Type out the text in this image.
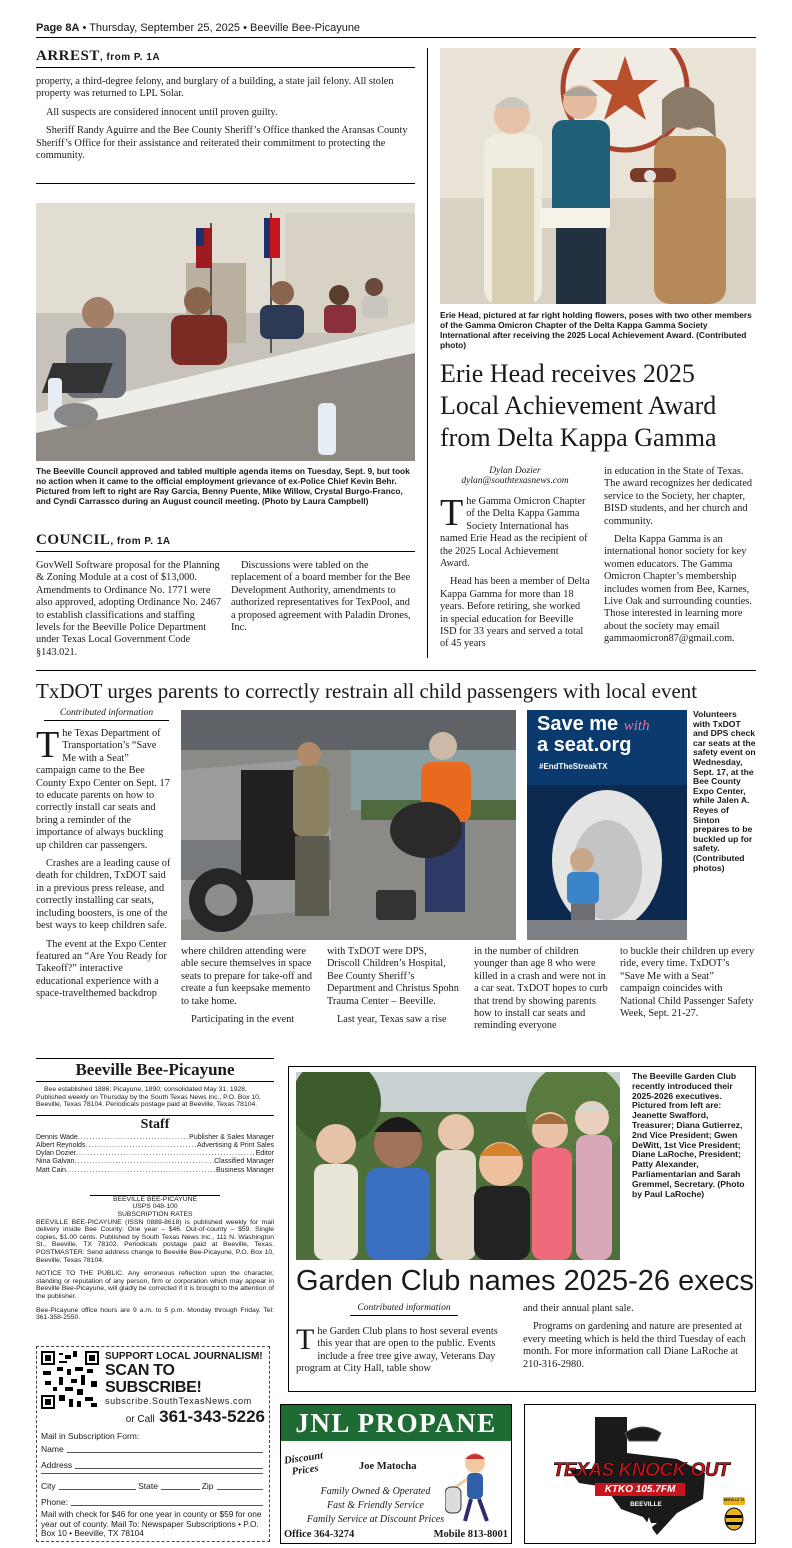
Page 8A • Thursday, September 25, 2025 • Beeville Bee-Picayune
ARREST, from P. 1A

property, a third-degree felony, and burglary of a building, a state jail felony. All stolen property was returned to LPL Solar.

All suspects are considered innocent until proven guilty.

Sheriff Randy Aguirre and the Bee County Sheriff’s Office thanked the Aransas County Sheriff’s Office for their assistance and reiterated their commitment to protecting the community.

The Beeville Council approved and tabled multiple agenda items on Tuesday, Sept. 9, but took no action when it came to the official employment grievance of ex-Police Chief Kevin Behr. Pictured from left to right are Ray Garcia, Benny Puente, Mike Willow, Crystal Burgo-Franco, and Cyndi Carrassco during an August council meeting. (Photo by Laura Campbell)
COUNCIL, from P. 1A
GovWell Software proposal for the Planning & Zoning Module at a cost of $13,000. Amendments to Ordinance No. 1771 were also approved, adopting Ordinance No. 2467 to establish classifications and staffing levels for the Beeville Police Department under Texas Local Government Code §143.021.
Discussions were tabled on the replacement of a board member for the Bee Development Authority, amendments to authorized representatives for TexPool, and a proposed agreement with Paladin Drones, Inc.
Erie Head, pictured at far right holding flowers, poses with two other members of the Gamma Omicron Chapter of the Delta Kappa Gamma Society International after receiving the 2025 Local Achievement Award. (Contributed photo)
Erie Head receives 2025 Local Achievement Award from Delta Kappa Gamma
Dylan Dozier
dylan@southtexasnews.com

The Gamma Omicron Chapter of the Delta Kappa Gamma Society International has named Erie Head as the recipient of the 2025 Local Achievement Award.

Head has been a member of Delta Kappa Gamma for more than 18 years. Before retiring, she worked in special education for Beeville ISD for 33 years and served a total of 45 years

in education in the State of Texas. The award recognizes her dedicated service to the Society, her chapter, BISD students, and her church and community.

Delta Kappa Gamma is an international honor society for key women educators. The Gamma Omicron Chapter’s membership includes women from Bee, Karnes, Live Oak and surrounding counties. Those interested in learning more about the society may email gammaomicron87@gmail.com.

TxDOT urges parents to correctly restrain all child passengers with local event
Contributed information

The Texas Department of Transportation’s “Save Me with a Seat” campaign came to the Bee County Expo Center on Sept. 17 to educate parents on how to correctly install car seats and bring a reminder of the importance of always buckling up children car passengers.

Crashes are a leading cause of death for children, TxDOT said in a previous press release, and correctly installing car seats, including boosters, is one of the best ways to keep children safe.

The event at the Expo Center featured an “Are You Ready for Takeoff?” interactive educational experience with a space-travelthemed backdrop

Save me with
a seat.org
#EndTheStreakTX
Volunteers with TxDOT and DPS check car seats at the safety event on Wednesday, Sept. 17, at the Bee County Expo Center, while Jalen A. Reyes of Sinton prepares to be buckled up for safety. (Contributed photos)

where children attending were able secure themselves in space seats to prepare for take-off and create a fun keepsake memento to take home.

Participating in the event

with TxDOT were DPS, Driscoll Children’s Hospital, Bee County Sheriff’s Department and Christus Spohn Trauma Center – Beeville.

Last year, Texas saw a rise

in the number of children younger than age 8 who were killed in a crash and were not in a car seat. TxDOT hopes to curb that trend by showing parents how to install car seats and reminding everyone

to buckle their children up every ride, every time. TxDOT’s “Save Me with a Seat” campaign coincides with National Child Passenger Safety Week, Sept. 21-27.

Beeville Bee-Picayune
Bee established 1886; Picayune, 1890; consolidated May 31, 1928. Published weekly on Thursday by the South Texas News Inc., P.O. Box 10, Beeville, Texas 78104. Periodicals postage paid at Beeville, Texas 78104.
Staff
Dennis Wade .....	Publisher & Sales Manager
Albert Reynolds .....	Advertising & Print Sales
Dylan Dozier .....	Editor
Nina Galvan .....	Classified Manager
Matt Cain .....	Business Manager
BEEVILLE BEE-PICAYUNE
USPS 048-100
SUBSCRIPTION RATES
BEEVILLE BEE-PICAYUNE (ISSN 0889-8618) is published weekly for mail delivery inside Bee County: One year – $46. Out-of-county – $59. Single copies, $1.00 cents. Published by South Texas News Inc., 111 N. Washington St., Beeville, TX 78102. Periodicals postage paid at Beeville, Texas. POSTMASTER: Send address change to Beeville Bee-Picayune, P.O. Box 10, Beeville, Texas 78104.
NOTICE TO THE PUBLIC. Any erroneous reflection upon the character, standing or reputation of any person, firm or corporation which may appear in Beeville Bee-Picayune, will gladly be corrected if it is brought to the attention of the publisher.
Bee-Picayune office hours are 9 a.m. to 5 p.m. Monday through Friday. Tel: 361-358-2550.
SUPPORT LOCAL JOURNALISM!
SCAN TO SUBSCRIBE!
subscribe.SouthTexasNews.com
or Call 361-343-5226
Mail in Subscription Form:
Name
Address
City	State	Zip
Phone:
Mail with check for $46 for one year in county or $59 for one year out of county. Mail To: Newspaper Subscriptions • P.O. Box 10 • Beeville, TX 78104
The Beeville Garden Club recently introduced their 2025-2026 executives. Pictured from left are: Jeanette Swafford, Treasurer; Diana Gutierrez, 2nd Vice President; Gwen DeWitt, 1st Vice President; Diane LaRoche, President; Patty Alexander, Parliamentarian and Sarah Gremmel, Secretary. (Photo by Paul LaRoche)
Garden Club names 2025-26 execs
Contributed information

The Garden Club plans to host several events this year that are open to the public. Events include a free tree give away, Veterans Day program at City Hall, table show

and their annual plant sale.

Programs on gardening and nature are presented at every meeting which is held the third Tuesday of each month. For more information call Diane LaRoche at 210-316-2980.

JNL PROPANE
Discount
Prices	Joe Matocha
Family Owned & Operated
Fast & Friendly Service
Family Service at Discount Prices
Office 364-3274	Mobile 813-8001
TEXAS KNOCK OUT
KTKO 105.7FM
BEEVILLE
BEEVILLE TX
